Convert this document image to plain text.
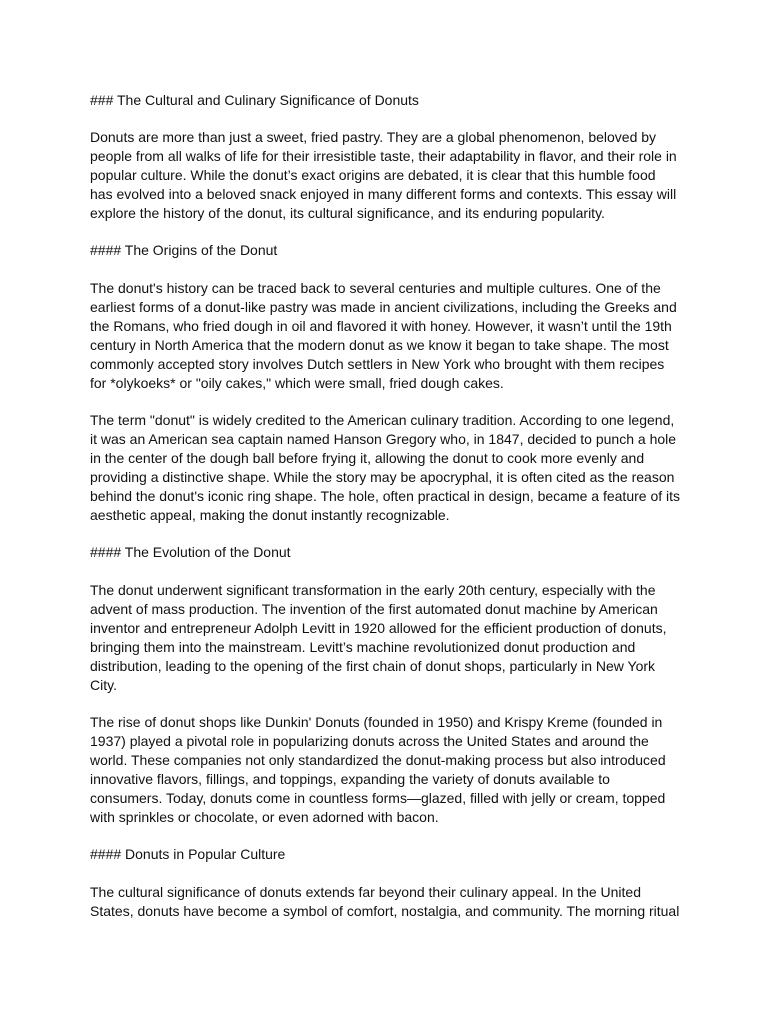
### The Cultural and Culinary Significance of Donuts

Donuts are more than just a sweet, fried pastry. They are a global phenomenon, beloved by people from all walks of life for their irresistible taste, their adaptability in flavor, and their role in popular culture. While the donut’s exact origins are debated, it is clear that this humble food has evolved into a beloved snack enjoyed in many different forms and contexts. This essay will explore the history of the donut, its cultural significance, and its enduring popularity.

#### The Origins of the Donut

The donut's history can be traced back to several centuries and multiple cultures. One of the earliest forms of a donut-like pastry was made in ancient civilizations, including the Greeks and the Romans, who fried dough in oil and flavored it with honey. However, it wasn’t until the 19th century in North America that the modern donut as we know it began to take shape. The most commonly accepted story involves Dutch settlers in New York who brought with them recipes for *olykoeks* or "oily cakes," which were small, fried dough cakes.

The term "donut" is widely credited to the American culinary tradition. According to one legend, it was an American sea captain named Hanson Gregory who, in 1847, decided to punch a hole in the center of the dough ball before frying it, allowing the donut to cook more evenly and providing a distinctive shape. While the story may be apocryphal, it is often cited as the reason behind the donut's iconic ring shape. The hole, often practical in design, became a feature of its aesthetic appeal, making the donut instantly recognizable.

#### The Evolution of the Donut

The donut underwent significant transformation in the early 20th century, especially with the advent of mass production. The invention of the first automated donut machine by American inventor and entrepreneur Adolph Levitt in 1920 allowed for the efficient production of donuts, bringing them into the mainstream. Levitt’s machine revolutionized donut production and distribution, leading to the opening of the first chain of donut shops, particularly in New York City.

The rise of donut shops like Dunkin' Donuts (founded in 1950) and Krispy Kreme (founded in 1937) played a pivotal role in popularizing donuts across the United States and around the world. These companies not only standardized the donut-making process but also introduced innovative flavors, fillings, and toppings, expanding the variety of donuts available to consumers. Today, donuts come in countless forms—glazed, filled with jelly or cream, topped with sprinkles or chocolate, or even adorned with bacon.

#### Donuts in Popular Culture

The cultural significance of donuts extends far beyond their culinary appeal. In the United States, donuts have become a symbol of comfort, nostalgia, and community. The morning ritual
